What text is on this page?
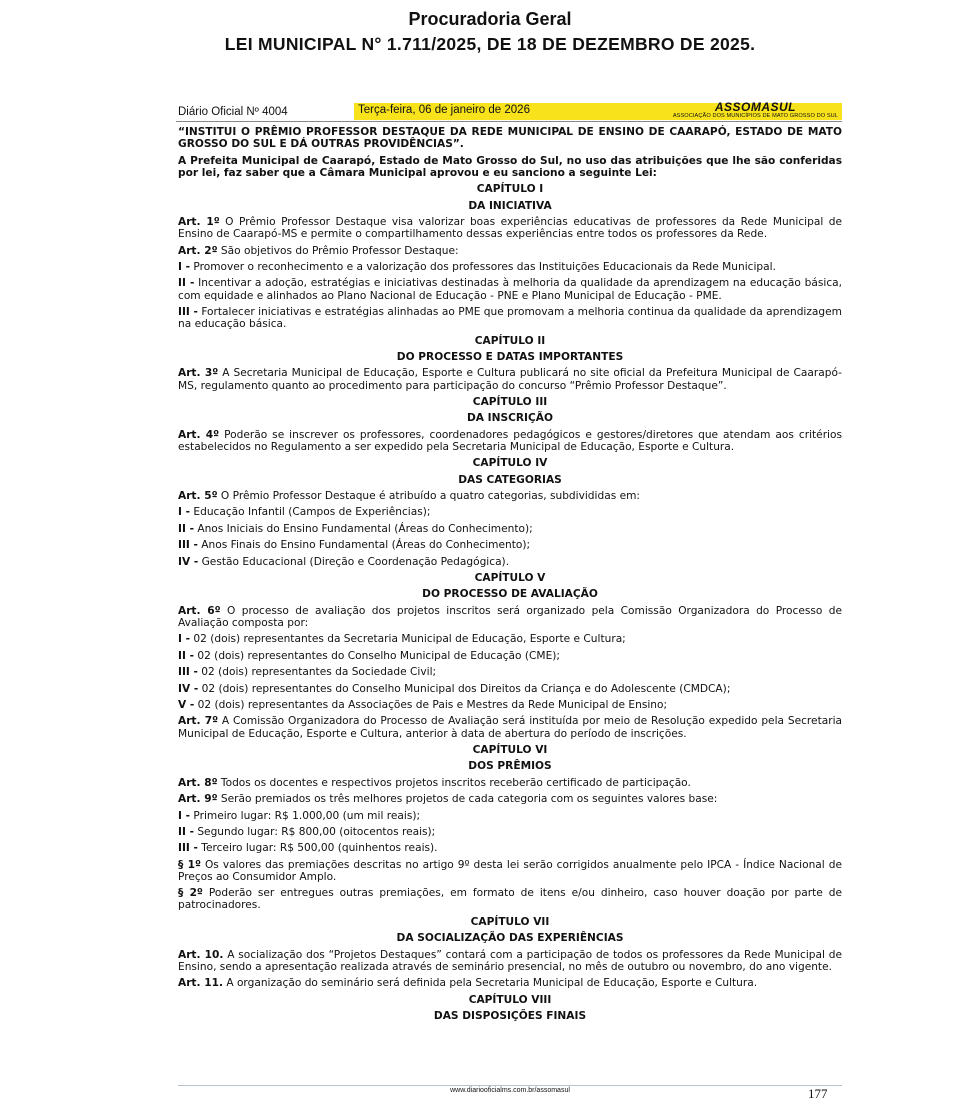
Procuradoria Geral
LEI MUNICIPAL N° 1.711/2025, DE 18 DE DEZEMBRO DE 2025.
Diário Oficial Nº 4004	Terça-feira, 06 de janeiro de 2026	ASSOMASUL
ASSOCIAÇÃO DOS MUNICÍPIOS DE MATO GROSSO DO SUL

“INSTITUI O PRÊMIO PROFESSOR DESTAQUE DA REDE MUNICIPAL DE ENSINO DE CAARAPÓ, ESTADO DE MATO GROSSO DO SUL E DÁ OUTRAS PROVIDÊNCIAS”.

A Prefeita Municipal de Caarapó, Estado de Mato Grosso do Sul, no uso das atribuições que lhe são conferidas por lei, faz saber que a Câmara Municipal aprovou e eu sanciono a seguinte Lei:

CAPÍTULO I
DA INICIATIVA

Art. 1º O Prêmio Professor Destaque visa valorizar boas experiências educativas de professores da Rede Municipal de Ensino de Caarapó-MS e permite o compartilhamento dessas experiências entre todos os professores da Rede.

Art. 2º São objetivos do Prêmio Professor Destaque:

I - Promover o reconhecimento e a valorização dos professores das Instituições Educacionais da Rede Municipal.

II - Incentivar a adoção, estratégias e iniciativas destinadas à melhoria da qualidade da aprendizagem na educação básica, com equidade e alinhados ao Plano Nacional de Educação - PNE e Plano Municipal de Educação - PME.

III - Fortalecer iniciativas e estratégias alinhadas ao PME que promovam a melhoria continua da qualidade da aprendizagem na educação básica.

CAPÍTULO II
DO PROCESSO E DATAS IMPORTANTES

Art. 3º A Secretaria Municipal de Educação, Esporte e Cultura publicará no site oficial da Prefeitura Municipal de Caarapó-MS, regulamento quanto ao procedimento para participação do concurso “Prêmio Professor Destaque”.

CAPÍTULO III
DA INSCRIÇÃO

Art. 4º Poderão se inscrever os professores, coordenadores pedagógicos e gestores/diretores que atendam aos critérios estabelecidos no Regulamento a ser expedido pela Secretaria Municipal de Educação, Esporte e Cultura.

CAPÍTULO IV
DAS CATEGORIAS

Art. 5º O Prêmio Professor Destaque é atribuído a quatro categorias, subdivididas em:

I - Educação Infantil (Campos de Experiências);

II - Anos Iniciais do Ensino Fundamental (Áreas do Conhecimento);

III - Anos Finais do Ensino Fundamental (Áreas do Conhecimento);

IV - Gestão Educacional (Direção e Coordenação Pedagógica).

CAPÍTULO V
DO PROCESSO DE AVALIAÇÃO

Art. 6º O processo de avaliação dos projetos inscritos será organizado pela Comissão Organizadora do Processo de Avaliação composta por:

I - 02 (dois) representantes da Secretaria Municipal de Educação, Esporte e Cultura;

II - 02 (dois) representantes do Conselho Municipal de Educação (CME);

III - 02 (dois) representantes da Sociedade Civil;

IV - 02 (dois) representantes do Conselho Municipal dos Direitos da Criança e do Adolescente (CMDCA);

V - 02 (dois) representantes da Associações de Pais e Mestres da Rede Municipal de Ensino;

Art. 7º A Comissão Organizadora do Processo de Avaliação será instituída por meio de Resolução expedido pela Secretaria Municipal de Educação, Esporte e Cultura, anterior à data de abertura do período de inscrições.

CAPÍTULO VI
DOS PRÊMIOS

Art. 8º Todos os docentes e respectivos projetos inscritos receberão certificado de participação.

Art. 9º Serão premiados os três melhores projetos de cada categoria com os seguintes valores base:

I - Primeiro lugar: R$ 1.000,00 (um mil reais);

II - Segundo lugar: R$ 800,00 (oitocentos reais);

III - Terceiro lugar: R$ 500,00 (quinhentos reais).

§ 1º Os valores das premiações descritas no artigo 9º desta lei serão corrigidos anualmente pelo IPCA - Índice Nacional de Preços ao Consumidor Amplo.

§ 2º Poderão ser entregues outras premiações, em formato de itens e/ou dinheiro, caso houver doação por parte de patrocinadores.

CAPÍTULO VII
DA SOCIALIZAÇÃO DAS EXPERIÊNCIAS

Art. 10. A socialização dos “Projetos Destaques” contará com a participação de todos os professores da Rede Municipal de Ensino, sendo a apresentação realizada através de seminário presencial, no mês de outubro ou novembro, do ano vigente.

Art. 11. A organização do seminário será definida pela Secretaria Municipal de Educação, Esporte e Cultura.

CAPÍTULO VIII
DAS DISPOSIÇÕES FINAIS
www.diariooficialms.com.br/assomasul	177
